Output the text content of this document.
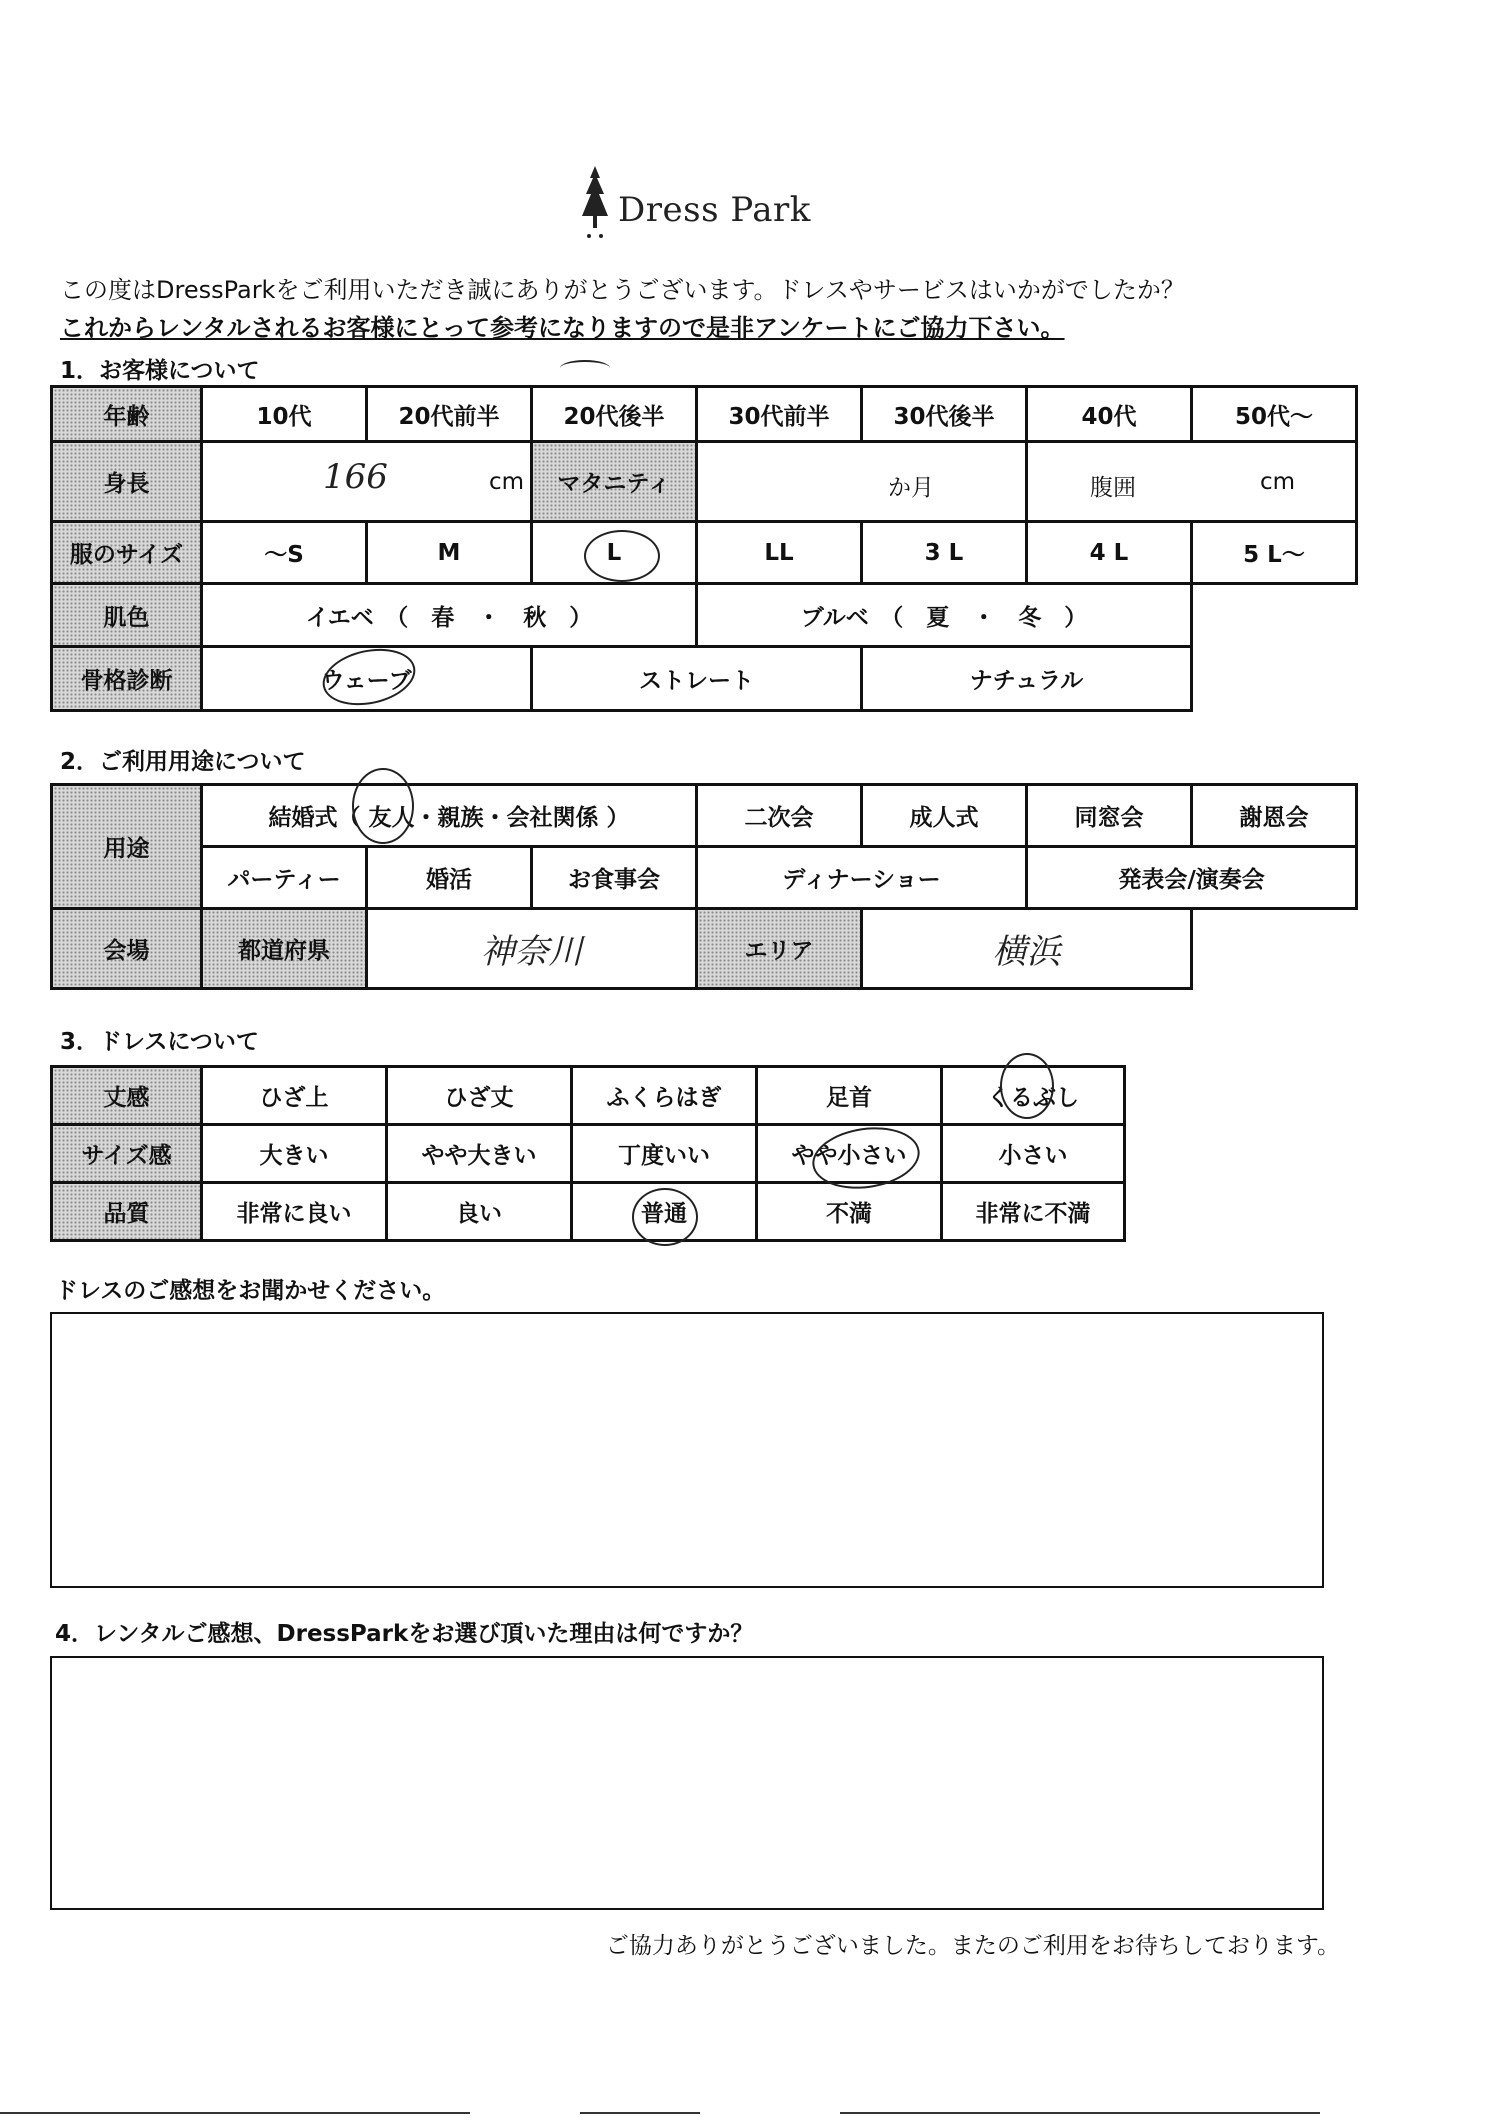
Dress Park
この度はDressParkをご利用いただき誠にありがとうございます。ドレスやサービスはいかがでしたか？
これからレンタルされるお客様にとって参考になりますので是非アンケートにご協力下さい。
1．お客様について
年齢	10代	20代前半	20代後半	30代前半	30代後半	40代	50代～
身長	166 cm		マタニティ	か月		腹囲 cm	

服のサイズ	～S	M	L	LL	3 L	4 L	5 L～
肌色	イエベ　（　春　・　秋　）			ブルベ　（　夏　・　冬　）			
骨格診断	ウェーブ		ストレート		ナチュラル		
2．ご利用用途について
用途	結婚式（ 友人・親族・会社関係 ）			二次会	成人式	同窓会	謝恩会
	パーティー	婚活	お食事会	ディナーショー		発表会/演奏会	
会場	都道府県	神奈川		エリア	横浜		
3．ドレスについて
丈感	ひざ上	ひざ丈	ふくらはぎ	足首	くるぶし
サイズ感	大きい	やや大きい	丁度いい	やや小さい	小さい
品質	非常に良い	良い	普通	不満	非常に不満
ドレスのご感想をお聞かせください。
4．レンタルご感想、DressParkをお選び頂いた理由は何ですか？
ご協力ありがとうございました。またのご利用をお待ちしております。
